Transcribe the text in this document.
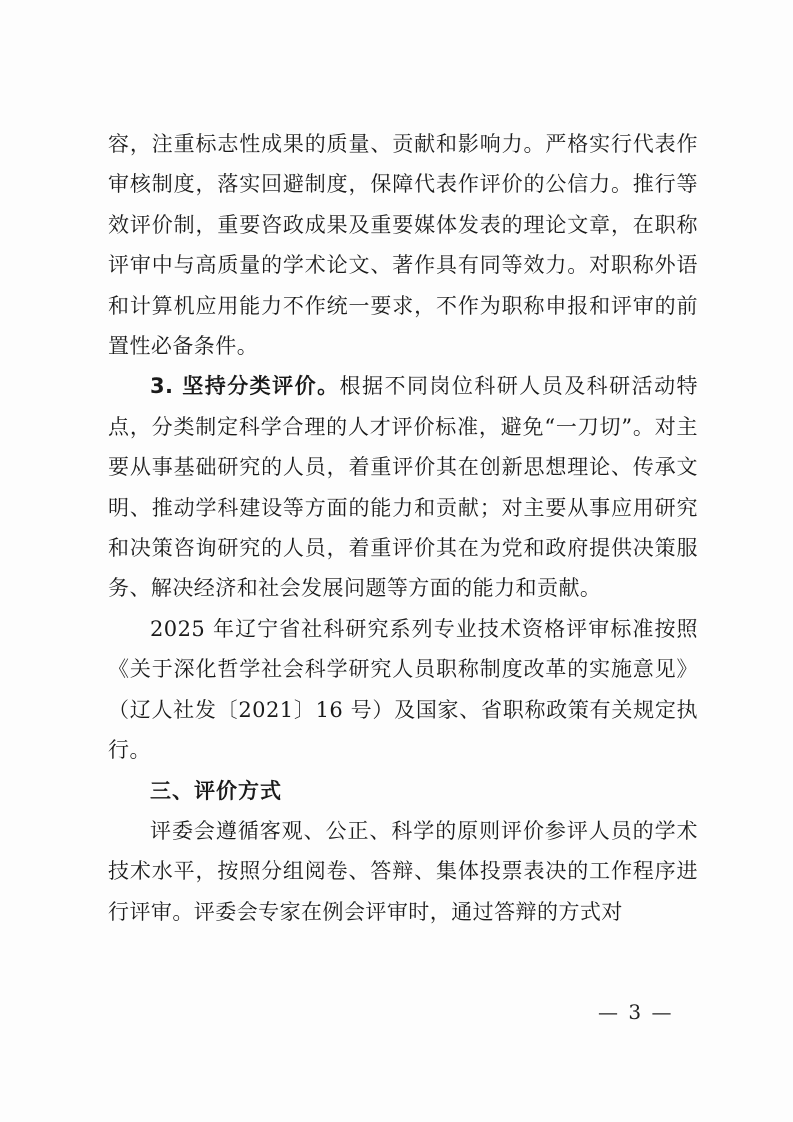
容，注重标志性成果的质量、贡献和影响力。严格实行代表作审核制度，落实回避制度，保障代表作评价的公信力。推行等效评价制，重要咨政成果及重要媒体发表的理论文章，在职称评审中与高质量的学术论文、著作具有同等效力。对职称外语和计算机应用能力不作统一要求，不作为职称申报和评审的前置性必备条件。

3. 坚持分类评价。根据不同岗位科研人员及科研活动特点，分类制定科学合理的人才评价标准，避免“一刀切”。对主要从事基础研究的人员，着重评价其在创新思想理论、传承文明、推动学科建设等方面的能力和贡献；对主要从事应用研究和决策咨询研究的人员，着重评价其在为党和政府提供决策服务、解决经济和社会发展问题等方面的能力和贡献。

2025 年辽宁省社科研究系列专业技术资格评审标准按照《关于深化哲学社会科学研究人员职称制度改革的实施意见》（辽人社发〔2021〕16 号）及国家、省职称政策有关规定执行。

三、评价方式

评委会遵循客观、公正、科学的原则评价参评人员的学术技术水平，按照分组阅卷、答辩、集体投票表决的工作程序进行评审。评委会专家在例会评审时，通过答辩的方式对

— 3 —
